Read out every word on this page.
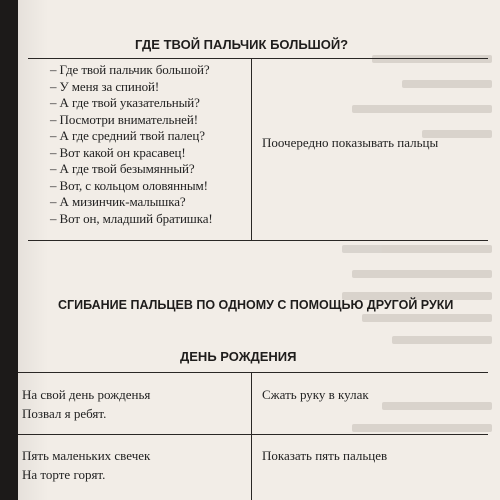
ГДЕ ТВОЙ ПАЛЬЧИК БОЛЬШОЙ?
– Где твой пальчик большой?
– У меня за спиной!
– А где твой указательный?
– Посмотри внимательней!
– А где средний твой палец?
– Вот какой он красавец!
– А где твой безымянный?
– Вот, с кольцом оловянным!
– А мизинчик-малышка?
– Вот он, младший братишка!
Поочередно показывать пальцы
СГИБАНИЕ ПАЛЬЦЕВ ПО ОДНОМУ С ПОМОЩЬЮ ДРУГОЙ РУКИ
ДЕНЬ РОЖДЕНИЯ
На свой день рожденья
Позвал я ребят.
Сжать руку в кулак
Пять маленьких свечек
На торте горят.
Показать пять пальцев
